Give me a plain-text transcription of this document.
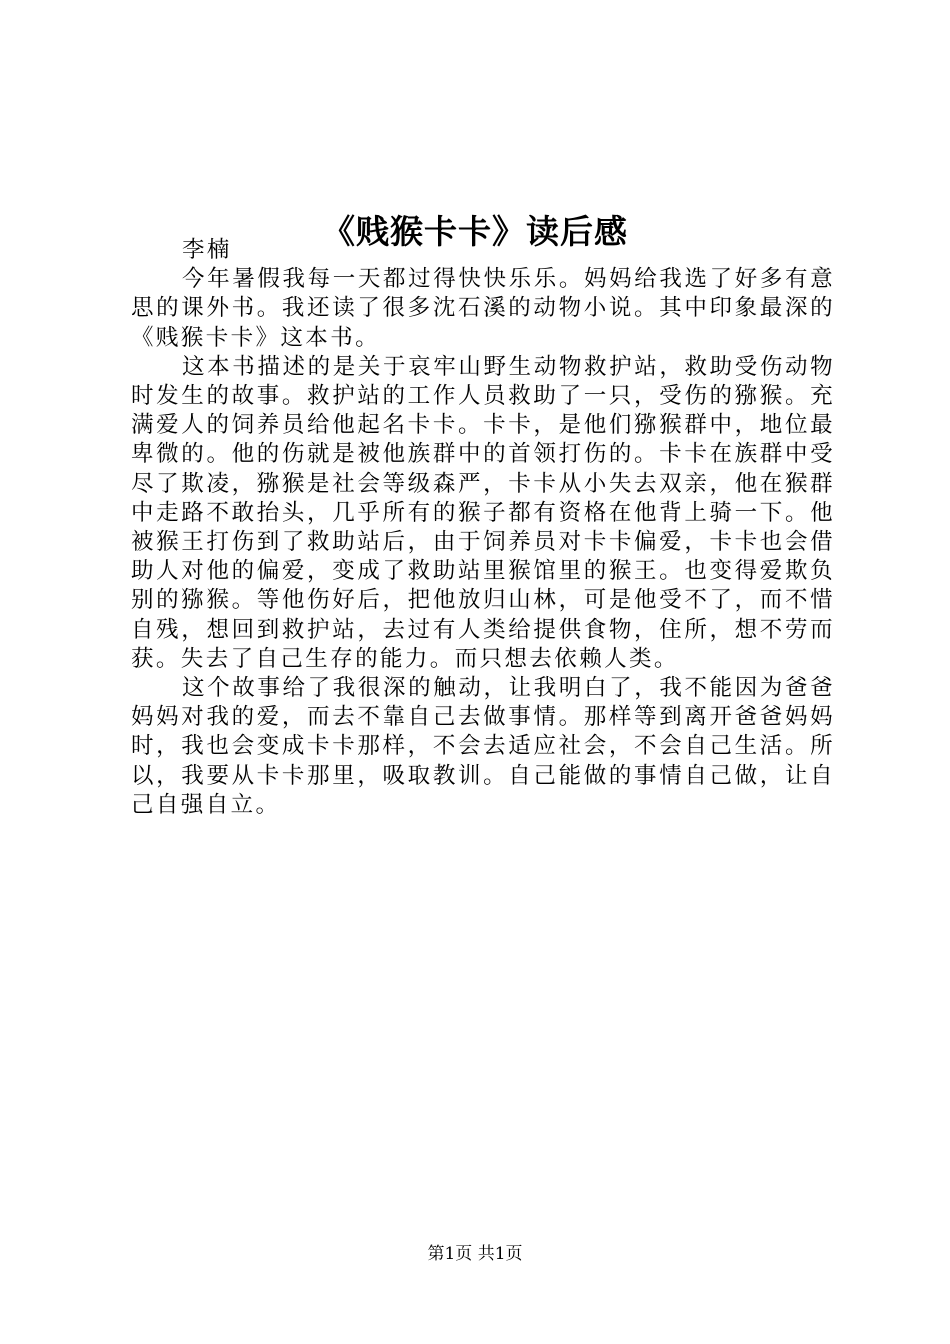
《贱猴卡卡》读后感

李楠

今年暑假我每一天都过得快快乐乐。妈妈给我选了好多有意思的课外书。我还读了很多沈石溪的动物小说。其中印象最深的《贱猴卡卡》这本书。

这本书描述的是关于哀牢山野生动物救护站，救助受伤动物时发生的故事。救护站的工作人员救助了一只，受伤的猕猴。充满爱人的饲养员给他起名卡卡。卡卡，是他们猕猴群中，地位最卑微的。他的伤就是被他族群中的首领打伤的。卡卡在族群中受尽了欺凌，猕猴是社会等级森严，卡卡从小失去双亲，他在猴群中走路不敢抬头，几乎所有的猴子都有资格在他背上骑一下。他被猴王打伤到了救助站后，由于饲养员对卡卡偏爱，卡卡也会借助人对他的偏爱，变成了救助站里猴馆里的猴王。也变得爱欺负别的猕猴。等他伤好后，把他放归山林，可是他受不了，而不惜自残，想回到救护站，去过有人类给提供食物，住所，想不劳而获。失去了自己生存的能力。而只想去依赖人类。

这个故事给了我很深的触动，让我明白了，我不能因为爸爸妈妈对我的爱，而去不靠自己去做事情。那样等到离开爸爸妈妈时，我也会变成卡卡那样，不会去适应社会，不会自己生活。所以，我要从卡卡那里，吸取教训。自己能做的事情自己做，让自己自强自立。

第1页 共1页
